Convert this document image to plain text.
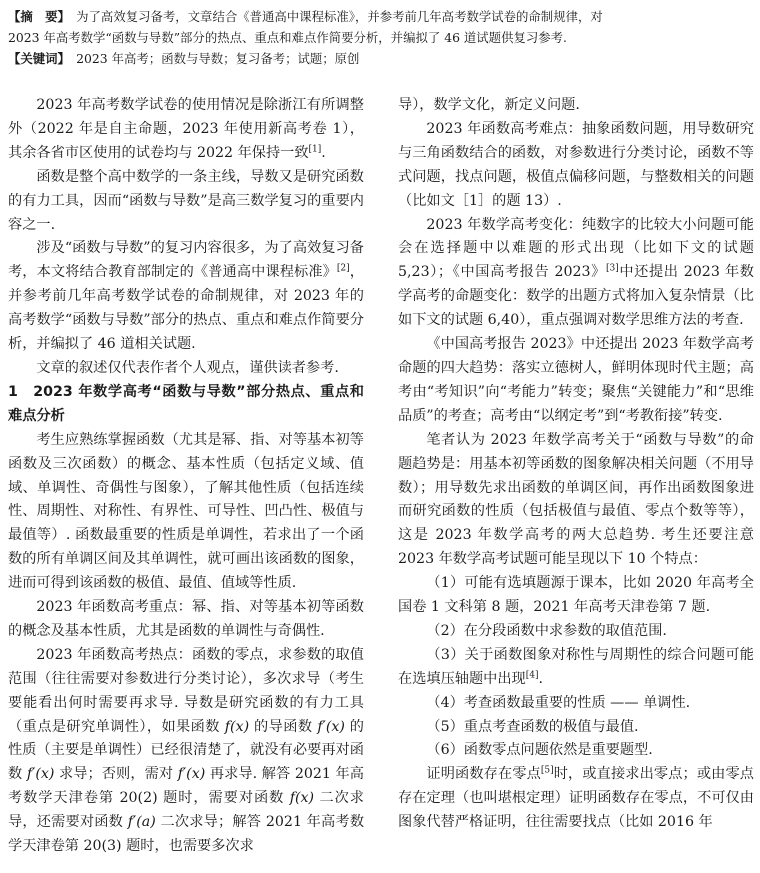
【摘　要】　 为了高效复习备考，文章结合《普通高中课程标准》，并参考前几年高考数学试卷的命制规律，对

2023 年高考数学“函数与导数”部分的热点、重点和难点作简要分析，并编拟了 46 道试题供复习参考.

【关键词】　 2023 年高考；函数与导数；复习备考；试题；原创

2023 年高考数学试卷的使用情况是除浙江有所调整外（2022 年是自主命题，2023 年使用新高考卷 1），其余各省市区使用的试卷均与 2022 年保持一致[1].

函数是整个高中数学的一条主线，导数又是研究函数的有力工具，因而“函数与导数”是高三数学复习的重要内容之一.

涉及“函数与导数”的复习内容很多，为了高效复习备考，本文将结合教育部制定的《普通高中课程标准》[2]，并参考前几年高考数学试卷的命制规律，对 2023 年的高考数学“函数与导数”部分的热点、重点和难点作简要分析，并编拟了 46 道相关试题.

文章的叙述仅代表作者个人观点，谨供读者参考.

1　2023 年数学高考“函数与导数”部分热点、重点和难点分析

考生应熟练掌握函数（尤其是幂、指、对等基本初等函数及三次函数）的概念、基本性质（包括定义域、值域、单调性、奇偶性与图象），了解其他性质（包括连续性、周期性、对称性、有界性、可导性、凹凸性、极值与最值等）. 函数最重要的性质是单调性，若求出了一个函数的所有单调区间及其单调性，就可画出该函数的图象，进而可得到该函数的极值、最值、值域等性质.

2023 年函数高考重点：幂、指、对等基本初等函数的概念及基本性质，尤其是函数的单调性与奇偶性.

2023 年函数高考热点：函数的零点，求参数的取值范围（往往需要对参数进行分类讨论），多次求导（考生要能看出何时需要再求导. 导数是研究函数的有力工具（重点是研究单调性），如果函数 f(x) 的导函数 f′(x) 的性质（主要是单调性）已经很清楚了，就没有必要再对函数 f′(x) 求导；否则，需对 f′(x) 再求导. 解答 2021 年高考数学天津卷第 20(2) 题时，需要对函数 f(x) 二次求导，还需要对函数 f′(a) 二次求导；解答 2021 年高考数学天津卷第 20(3) 题时，也需要多次求

导），数学文化，新定义问题.

2023 年函数高考难点：抽象函数问题，用导数研究与三角函数结合的函数，对参数进行分类讨论，函数不等式问题，找点问题，极值点偏移问题，与整数相关的问题（比如文［1］的题 13）.

2023 年数学高考变化：纯数字的比较大小问题可能会在选择题中以难题的形式出现（比如下文的试题 5,23）；《中国高考报告 2023》[3]中还提出 2023 年数学高考的命题变化：数学的出题方式将加入复杂情景（比如下文的试题 6,40），重点强调对数学思维方法的考查.

《中国高考报告 2023》中还提出 2023 年数学高考命题的四大趋势：落实立德树人，鲜明体现时代主题；高考由“考知识”向“考能力”转变；聚焦“关键能力”和“思维品质”的考查；高考由“以纲定考”到“考教衔接”转变.

笔者认为 2023 年数学高考关于“函数与导数”的命题趋势是：用基本初等函数的图象解决相关问题（不用导数）；用导数先求出函数的单调区间，再作出函数图象进而研究函数的性质（包括极值与最值、零点个数等等），这是 2023 年数学高考的两大总趋势. 考生还要注意 2023 年数学高考试题可能呈现以下 10 个特点：

（1）可能有选填题源于课本，比如 2020 年高考全国卷 1 文科第 8 题，2021 年高考天津卷第 7 题.

（2）在分段函数中求参数的取值范围.

（3）关于函数图象对称性与周期性的综合问题可能在选填压轴题中出现[4].

（4）考查函数最重要的性质 —— 单调性.

（5）重点考查函数的极值与最值.

（6）函数零点问题依然是重要题型.

证明函数存在零点[5]时，或直接求出零点；或由零点存在定理（也叫堪根定理）证明函数存在零点，不可仅由图象代替严格证明，往往需要找点（比如 2016 年
